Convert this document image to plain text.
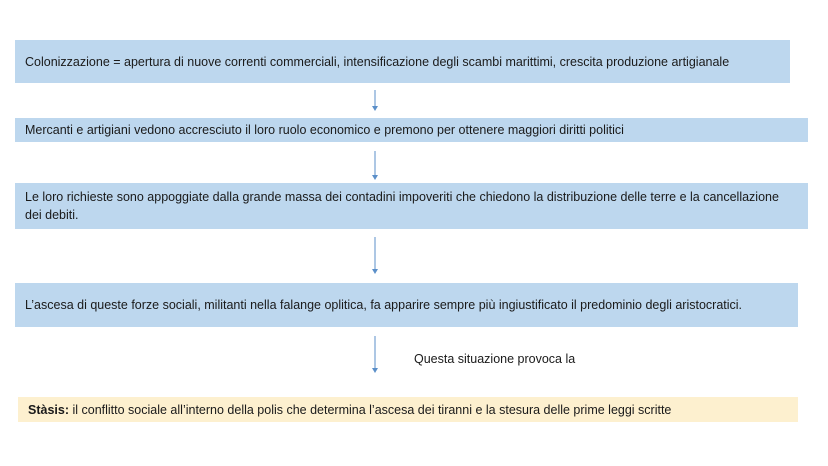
Colonizzazione = apertura di nuove correnti commerciali, intensificazione degli scambi marittimi, crescita produzione artigianale
Mercanti e artigiani vedono accresciuto il loro ruolo economico e premono per ottenere maggiori diritti politici
Le loro richieste sono appoggiate dalla grande massa dei contadini impoveriti che chiedono la distribuzione delle terre e la cancellazione dei debiti.
L’ascesa di queste forze sociali, militanti nella falange oplitica, fa apparire sempre più ingiustificato il predominio degli aristocratici.
Questa situazione provoca la
Stàsis: il conflitto sociale all’interno della polis che determina l’ascesa dei tiranni e la stesura delle prime leggi scritte
